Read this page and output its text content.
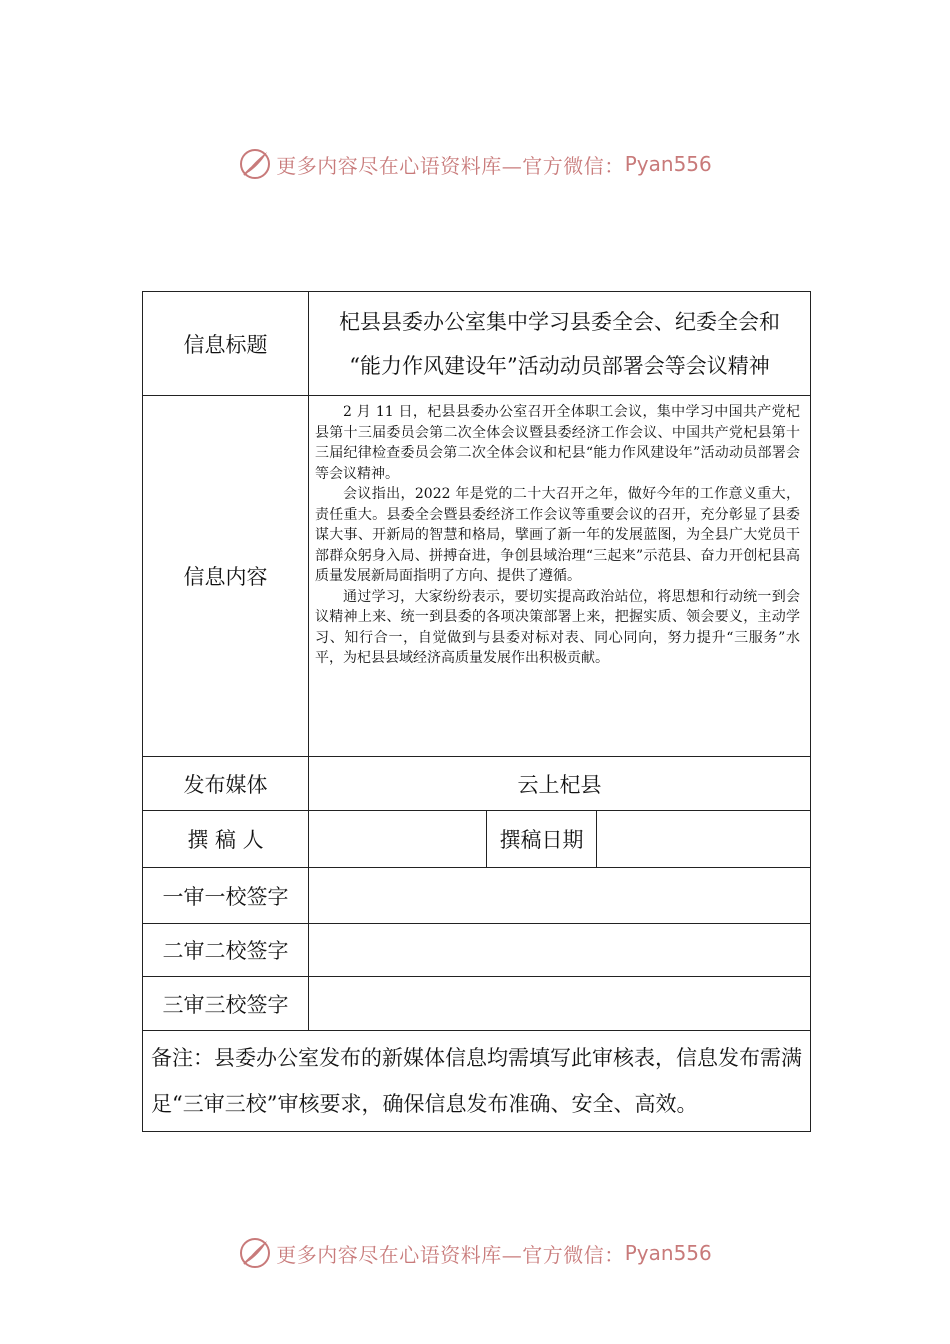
更多内容尽在心语资料库—官方微信： Pyan556
信息标题	杞县县委办公室集中学习县委全会、纪委全会和
“能力作风建设年”活动动员部署会等会议精神		

信息内容	2 月 11 日，杞县县委办公室召开全体职工会议，集中学习中国共产党杞县第十三届委员会第二次全体会议暨县委经济工作会议、中国共产党杞县第十三届纪律检查委员会第二次全体会议和杞县“能力作风建设年”活动动员部署会等会议精神。

会议指出，2022 年是党的二十大召开之年，做好今年的工作意义重大，责任重大。县委全会暨县委经济工作会议等重要会议的召开，充分彰显了县委谋大事、开新局的智慧和格局，擘画了新一年的发展蓝图，为全县广大党员干部群众躬身入局、拼搏奋进，争创县域治理“三起来”示范县、奋力开创杞县高质量发展新局面指明了方向、提供了遵循。

通过学习，大家纷纷表示，要切实提高政治站位，将思想和行动统一到会议精神上来、统一到县委的各项决策部署上来，把握实质、领会要义，主动学习、知行合一，自觉做到与县委对标对表、同心同向，努力提升“三服务”水平，为杞县县域经济高质量发展作出积极贡献。		

发布媒体	云上杞县		
撰 稿 人		撰稿日期	
一审一校签字			
二审二校签字			
三审三校签字			
备注：县委办公室发布的新媒体信息均需填写此审核表，信息发布需满足“三审三校”审核要求，确保信息发布准确、安全、高效。			
更多内容尽在心语资料库—官方微信： Pyan556
